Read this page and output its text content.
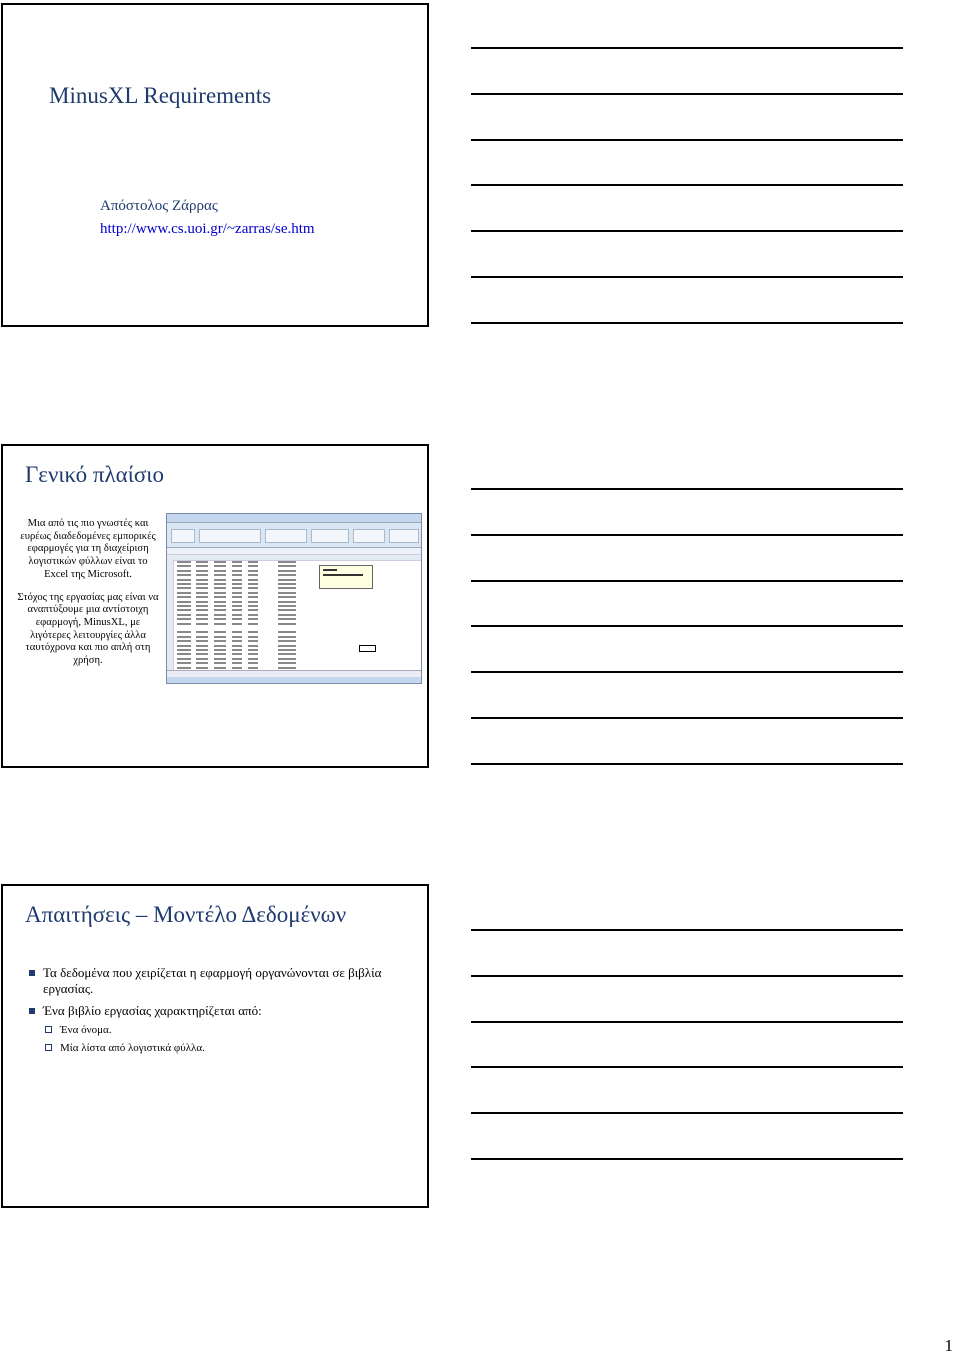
MinusXL Requirements
Απόστολος Ζάρρας
http://www.cs.uoi.gr/~zarras/se.htm
Γενικό πλαίσιο

Μια από τις πιο γνωστές και ευρέως διαδεδομένες εμπορικές εφαρμογές για τη διαχείριση λογιστικών φύλλων είναι το Excel της Microsoft.

Στόχος της εργασίας μας είναι να αναπτύξουμε μια αντίστοιχη εφαρμογή, MinusXL, με λιγότερες λειτουργίες άλλα ταυτόχρονα και πιο απλή στη χρήση.

Απαιτήσεις – Μοντέλο Δεδομένων
Τα δεδομένα που χειρίζεται η εφαρμογή οργανώνονται σε βιβλία εργασίας.
Ένα βιβλίο εργασίας χαρακτηρίζεται από:
Ένα όνομα.
Μία λίστα από λογιστικά φύλλα.
1
